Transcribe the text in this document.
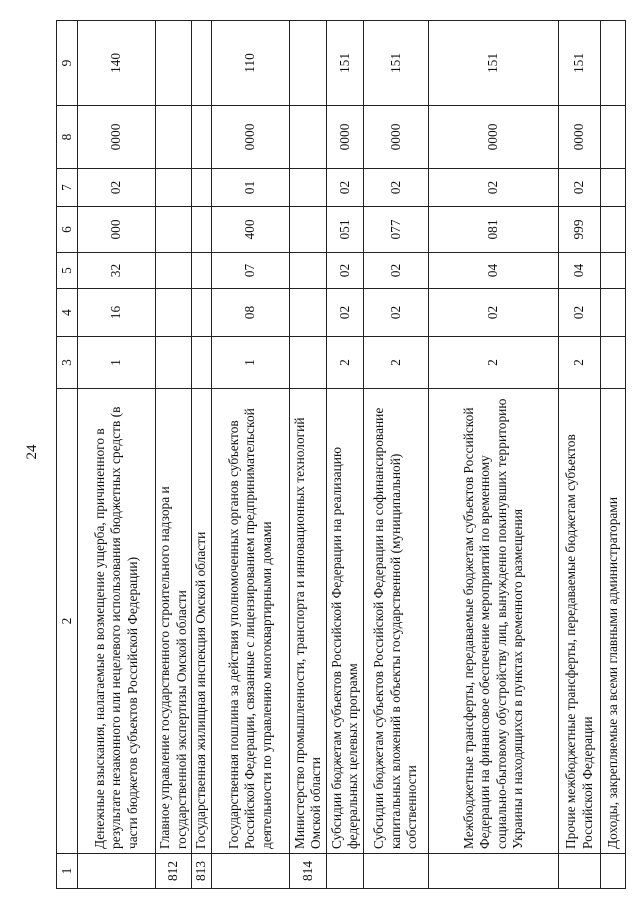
24
1	2	3	4	5	6	7	8	9
	Денежные взыскания, налагаемые в возмещение ущерба, причиненного в результате незаконного или нецелевого использования бюджетных средств (в части бюджетов субъектов Российской Федерации)	1	16	32	000	02	0000	140
812	Главное управление государственного строительного надзора и государственной экспертизы Омской области							
813	Государственная жилищная инспекция Омской области							
	Государственная пошлина за действия уполномоченных органов субъектов Российской Федерации, связанные с лицензированием предпринимательской деятельности по управлению многоквартирными домами	1	08	07	400	01	0000	110
814	Министерство промышленности, транспорта и инновационных технологий Омской области							
	Субсидии бюджетам субъектов Российской Федерации на реализацию федеральных целевых программ	2	02	02	051	02	0000	151
	Субсидии бюджетам субъектов Российской Федерации на софинансирование капитальных вложений в объекты государственной (муниципальной) собственности	2	02	02	077	02	0000	151
	Межбюджетные трансферты, передаваемые бюджетам субъектов Российской Федерации на финансовое обеспечение мероприятий по временному социально-бытовому обустройству лиц, вынужденно покинувших территорию Украины и находящихся в пунктах временного размещения	2	02	04	081	02	0000	151
	Прочие межбюджетные трансферты, передаваемые бюджетам субъектов Российской Федерации	2	02	04	999	02	0000	151
	Доходы, закрепляемые за всеми главными администраторами							
